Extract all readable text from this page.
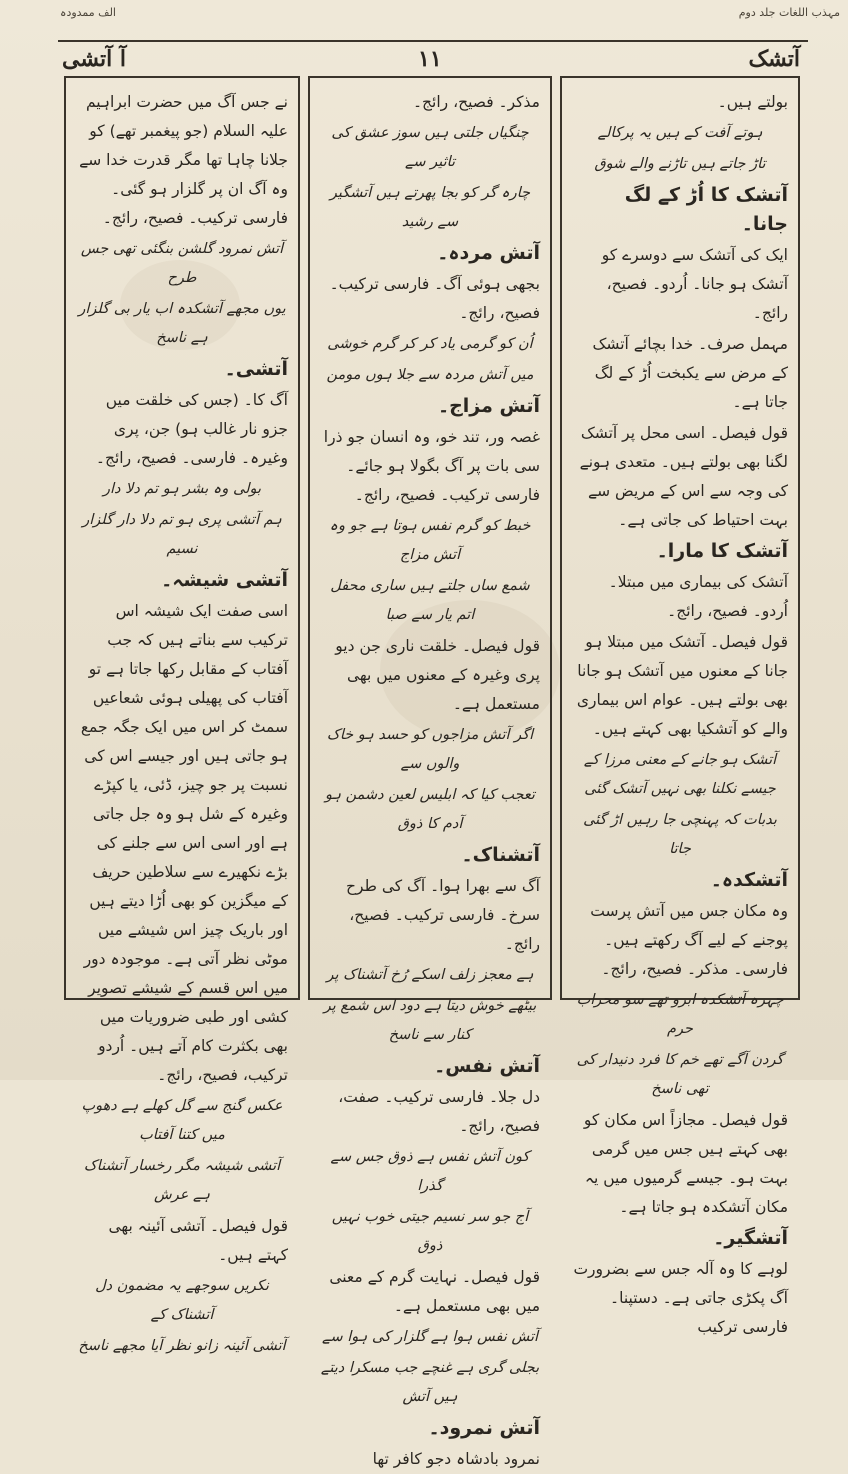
مہذب اللغات جلد دوم
الف ممدودہ
آتشک
۱۱
آ آتشی

بولتے ہیں۔

ہوتے آفت کے ہیں یہ پرکالے

تاڑ جاتے ہیں تاڑنے والے شوق

آتشک کا اُڑ کے لگ جانا۔

ایک کی آتشک سے دوسرے کو آتشک ہو جانا۔ اُردو۔ فصیح، رائج۔

مہمل صرف۔ خدا بچائے آتشک کے مرض سے یکبخت اُڑ کے لگ جاتا ہے۔

قول فیصل۔ اسی محل پر آتشک لگنا بھی بولتے ہیں۔ متعدی ہونے کی وجہ سے اس کے مریض سے بہت احتیاط کی جاتی ہے۔

آتشک کا مارا۔

آتشک کی بیماری میں مبتلا۔ اُردو۔ فصیح، رائج۔

قول فیصل۔ آتشک میں مبتلا ہو جانا کے معنوں میں آتشک ہو جانا بھی بولتے ہیں۔ عوام اس بیماری والے کو آتشکیا بھی کہتے ہیں۔

آتشک ہو جانے کے معنی مرزا کے جیسے نکلنا بھی نہیں آتشک گئی

بدبات کہ پہنچی جا رہیں اڑ گئی جاتا

آتشکدہ۔

وہ مکان جس میں آتش پرست پوجنے کے لیے آگ رکھتے ہیں۔ فارسی۔ مذکر۔ فصیح، رائج۔

چہرہ آتشکدہ ابرو تھے سو محراب حرم

گردن آگے تھے خم کا فرد دنیدار کی تھی ناسخ

قول فیصل۔ مجازاً اس مکان کو بھی کہتے ہیں جس میں گرمی بہت ہو۔ جیسے گرمیوں میں یہ مکان آتشکدہ ہو جاتا ہے۔

آتشگیر۔

لوہے کا وہ آلہ جس سے بضرورت آگ پکڑی جاتی ہے۔ دستپنا۔ فارسی ترکیب

مذکر۔ فصیح، رائج۔

چنگیاں جلتی ہیں سوز عشق کی تاثیر سے

چارہ گر کو بجا پھرتے ہیں آتشگیر سے رشید

آتش مردہ۔

بجھی ہوئی آگ۔ فارسی ترکیب۔ فصیح، رائج۔

اُن کو گرمی یاد کر کر گرم خوشی

میں آتش مردہ سے جلا ہوں مومن

آتش مزاج۔

غصہ ور، تند خو، وہ انسان جو ذرا سی بات پر آگ بگولا ہو جائے۔ فارسی ترکیب۔ فصیح، رائج۔

خبط کو گرم نفس ہوتا ہے جو وہ آتش مزاج

شمع ساں جلتے ہیں ساری محفل اتم یار سے صبا

قول فیصل۔ خلقت ناری جن دیو پری وغیرہ کے معنوں میں بھی مستعمل ہے۔

اگر آتش مزاجوں کو حسد ہو خاک والوں سے

تعجب کیا کہ ابلیس لعین دشمن ہو آدم کا ذوق

آتشناک۔

آگ سے بھرا ہوا۔ آگ کی طرح سرخ۔ فارسی ترکیب۔ فصیح، رائج۔

ہے معجز زلف اسکے رُخ آتشناک پر

بیٹھے خوش دیتا ہے دود اس شمع پر کنار سے ناسخ

آتش نفس۔

دل جلا۔ فارسی ترکیب۔ صفت، فصیح، رائج۔

کون آتش نفس ہے ذوق جس سے گذرا

آج جو سر نسیم جیتی خوب نہیں ذوق

قول فیصل۔ نہایت گرم کے معنی میں بھی مستعمل ہے۔

آتش نفس ہوا ہے گلزار کی ہوا سے

بجلی گری ہے غنچے جب مسکرا دیتے ہیں آتش

آتش نمرود۔

نمرود بادشاہ دجو کافر تھا

نے جس آگ میں حضرت ابراہیم علیہ السلام (جو پیغمبر تھے) کو جلانا چاہا تھا مگر قدرت خدا سے وہ آگ ان پر گلزار ہو گئی۔ فارسی ترکیب۔ فصیح، رائج۔

آتش نمرود گلشن بنگئی تھی جس طرح

یوں مجھے آتشکدہ اب یار بی گلزار ہے ناسخ

آتشی۔

آگ کا۔ (جس کی خلقت میں جزو نار غالب ہو) جن، پری وغیرہ۔ فارسی۔ فصیح، رائج۔

بولی وہ بشر ہو تم دلا دار

ہم آتشی پری ہو تم دلا دار گلزار نسیم

آتشی شیشہ۔

اسی صفت ایک شیشہ اس ترکیب سے بناتے ہیں کہ جب آفتاب کے مقابل رکھا جاتا ہے تو آفتاب کی پھیلی ہوئی شعاعیں سمٹ کر اس میں ایک جگہ جمع ہو جاتی ہیں اور جیسے اس کی نسبت پر جو چیز، ڈئی، یا کپڑے وغیرہ کے شل ہو وہ جل جاتی ہے اور اسی اس سے جلنے کی بڑے نکھیرے سے سلاطین حریف کے میگزین کو بھی اُڑا دیتے ہیں اور باریک چیز اس شیشے میں موٹی نظر آتی ہے۔ موجودہ دور میں اس قسم کے شیشے تصویر کشی اور طبی ضروریات میں بھی بکثرت کام آتے ہیں۔ اُردو ترکیب، فصیح، رائج۔

عکس گنج سے گل کھلے ہے دھوپ میں کتنا آفتاب

آتشی شیشہ مگر رخسار آتشناک ہے عرش

قول فیصل۔ آتشی آئینہ بھی کہتے ہیں۔

نکریں سوجھے یہ مضمون دل آتشناک کے

آتشی آئینہ زانو نظر آیا مجھے ناسخ
